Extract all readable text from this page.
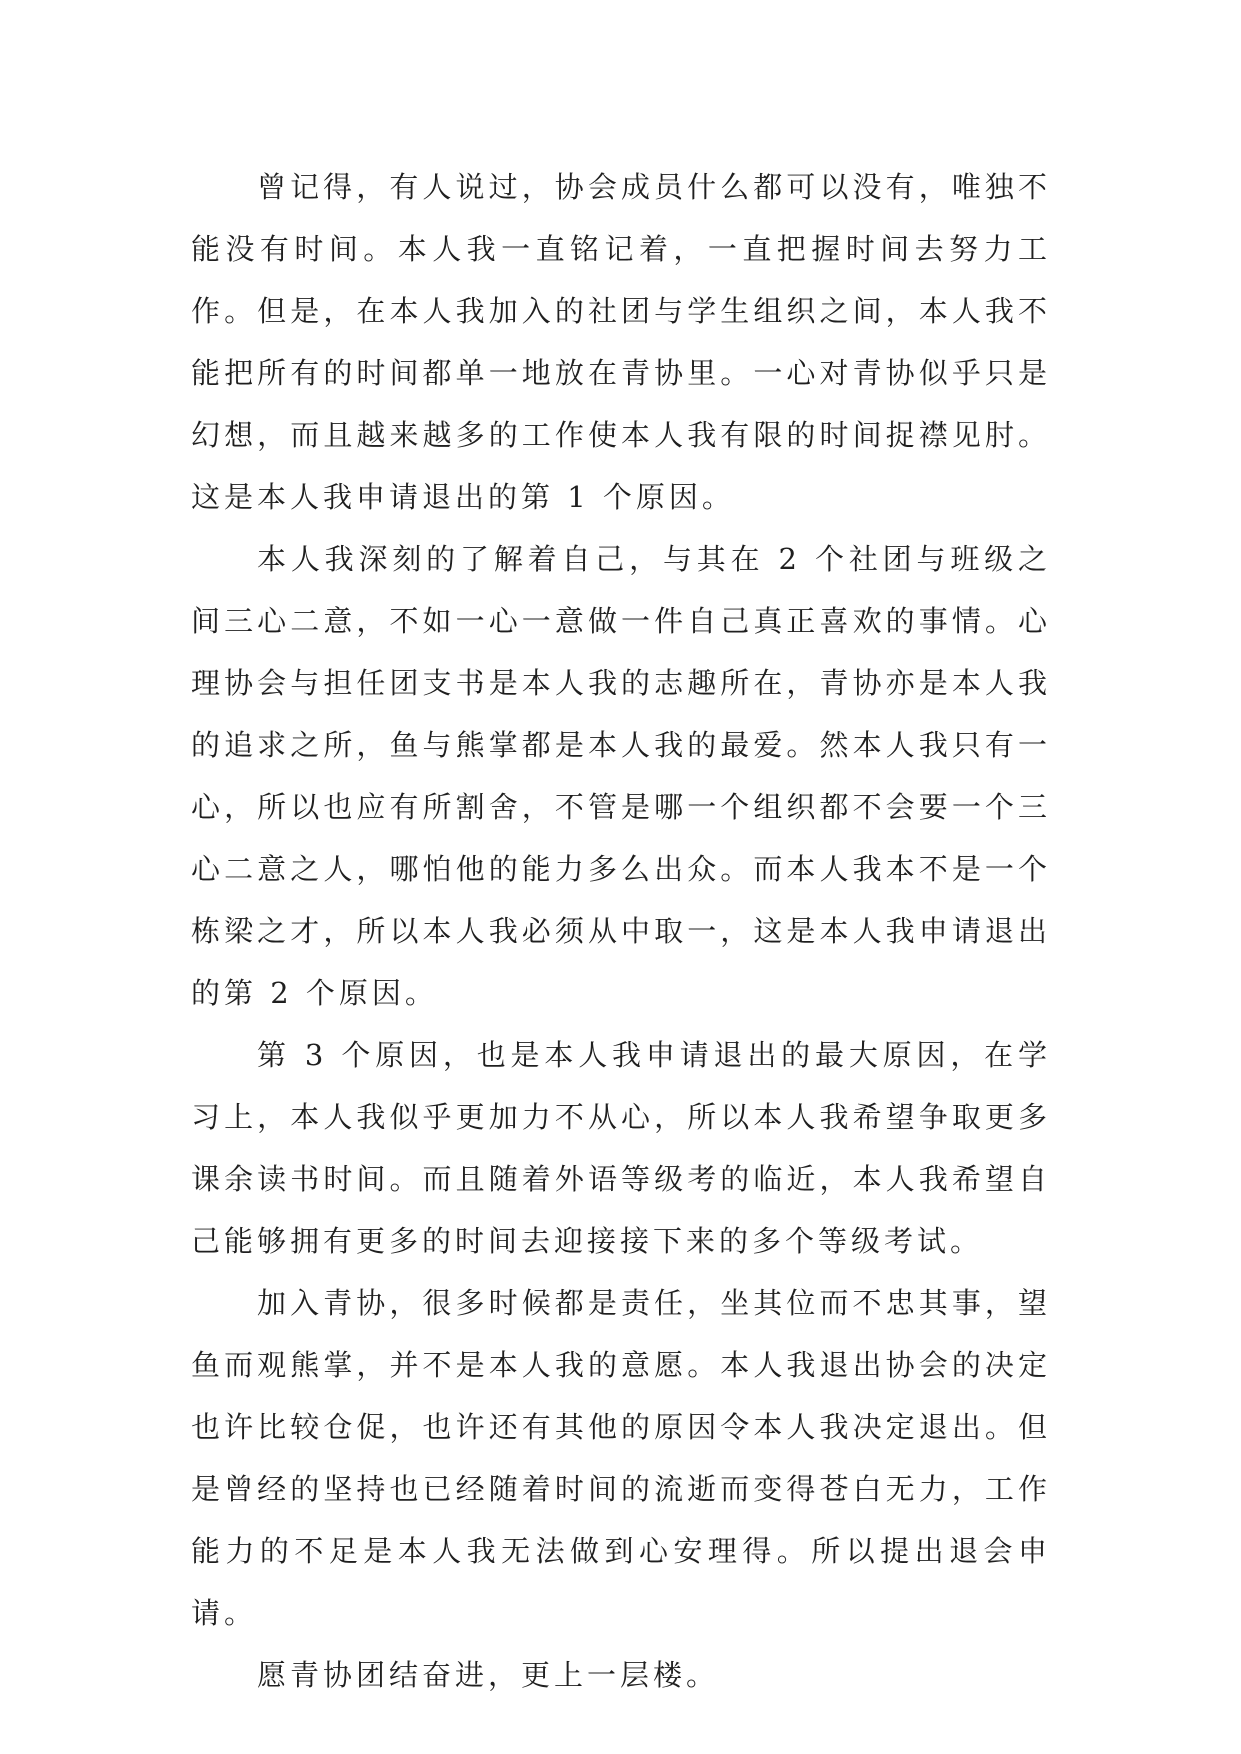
曾记得，有人说过，协会成员什么都可以没有，唯独不能没有时间。本人我一直铭记着，一直把握时间去努力工作。但是，在本人我加入的社团与学生组织之间，本人我不能把所有的时间都单一地放在青协里。一心对青协似乎只是幻想，而且越来越多的工作使本人我有限的时间捉襟见肘。这是本人我申请退出的第 1 个原因。

本人我深刻的了解着自己，与其在 2 个社团与班级之间三心二意，不如一心一意做一件自己真正喜欢的事情。心理协会与担任团支书是本人我的志趣所在，青协亦是本人我的追求之所，鱼与熊掌都是本人我的最爱。然本人我只有一心，所以也应有所割舍，不管是哪一个组织都不会要一个三心二意之人，哪怕他的能力多么出众。而本人我本不是一个栋梁之才，所以本人我必须从中取一，这是本人我申请退出的第 2 个原因。

第 3 个原因，也是本人我申请退出的最大原因，在学习上，本人我似乎更加力不从心，所以本人我希望争取更多课余读书时间。而且随着外语等级考的临近，本人我希望自己能够拥有更多的时间去迎接接下来的多个等级考试。

加入青协，很多时候都是责任，坐其位而不忠其事，望鱼而观熊掌，并不是本人我的意愿。本人我退出协会的决定也许比较仓促，也许还有其他的原因令本人我决定退出。但是曾经的坚持也已经随着时间的流逝而变得苍白无力，工作能力的不足是本人我无法做到心安理得。所以提出退会申请。

愿青协团结奋进，更上一层楼。
